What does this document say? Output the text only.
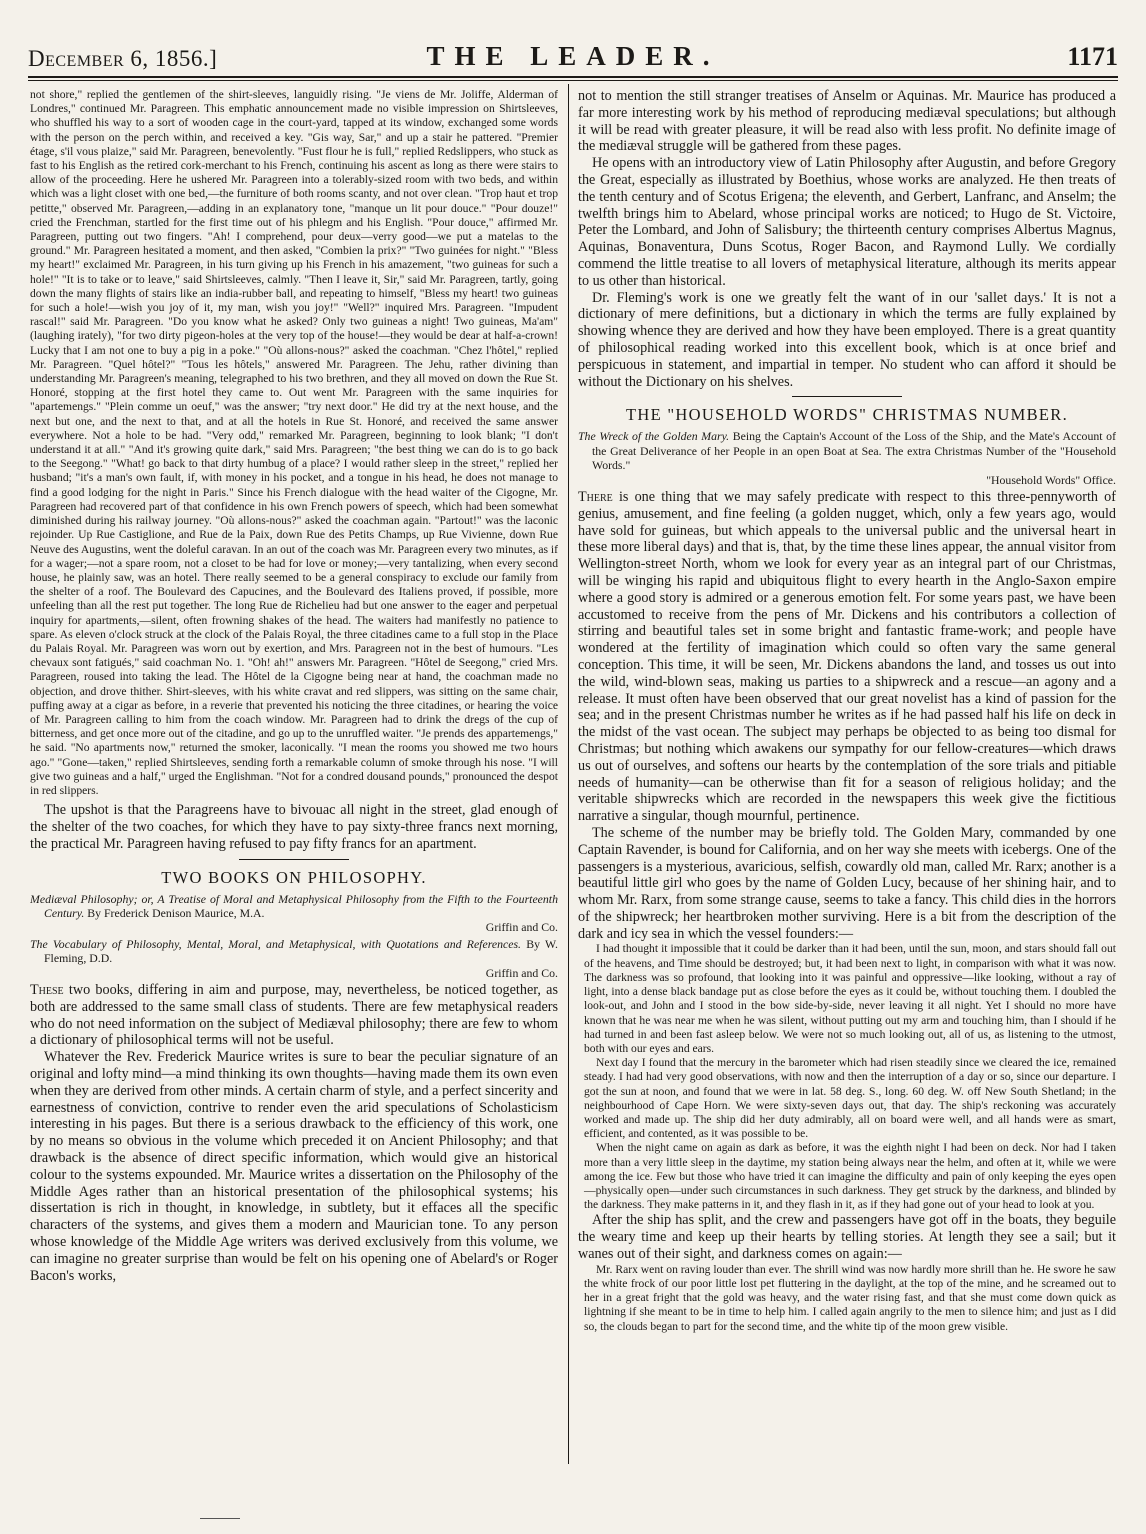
December 6, 1856.]	THE LEADER.	1171

not shore," replied the gentlemen of the shirt-sleeves, languidly rising. "Je viens de Mr. Joliffe, Alderman of Londres," continued Mr. Paragreen. This emphatic announcement made no visible impression on Shirtsleeves, who shuffled his way to a sort of wooden cage in the court-yard, tapped at its window, exchanged some words with the person on the perch within, and received a key. "Gis way, Sar," and up a stair he pattered. "Premier étage, s'il vous plaize," said Mr. Paragreen, benevolently. "Fust flour he is full," replied Redslippers, who stuck as fast to his English as the retired cork-merchant to his French, continuing his ascent as long as there were stairs to allow of the proceeding. Here he ushered Mr. Paragreen into a tolerably-sized room with two beds, and within which was a light closet with one bed,—the furniture of both rooms scanty, and not over clean. "Trop haut et trop petitte," observed Mr. Paragreen,—adding in an explanatory tone, "manque un lit pour douce." "Pour douze!" cried the Frenchman, startled for the first time out of his phlegm and his English. "Pour douce," affirmed Mr. Paragreen, putting out two fingers. "Ah! I comprehend, pour deux—verry good—we put a matelas to the ground." Mr. Paragreen hesitated a moment, and then asked, "Combien la prix?" "Two guinées for night." "Bless my heart!" exclaimed Mr. Paragreen, in his turn giving up his French in his amazement, "two guineas for such a hole!" "It is to take or to leave," said Shirtsleeves, calmly. "Then I leave it, Sir," said Mr. Paragreen, tartly, going down the many flights of stairs like an india-rubber ball, and repeating to himself, "Bless my heart! two guineas for such a hole!—wish you joy of it, my man, wish you joy!" "Well?" inquired Mrs. Paragreen. "Impudent rascal!" said Mr. Paragreen. "Do you know what he asked? Only two guineas a night! Two guineas, Ma'am" (laughing irately), "for two dirty pigeon-holes at the very top of the house!—they would be dear at half-a-crown! Lucky that I am not one to buy a pig in a poke." "Où allons-nous?" asked the coachman. "Chez l'hôtel," replied Mr. Paragreen. "Quel hôtel?" "Tous les hôtels," answered Mr. Paragreen. The Jehu, rather divining than understanding Mr. Paragreen's meaning, telegraphed to his two brethren, and they all moved on down the Rue St. Honoré, stopping at the first hotel they came to. Out went Mr. Paragreen with the same inquiries for "apartemengs." "Plein comme un oeuf," was the answer; "try next door." He did try at the next house, and the next but one, and the next to that, and at all the hotels in Rue St. Honoré, and received the same answer everywhere. Not a hole to be had. "Very odd," remarked Mr. Paragreen, beginning to look blank; "I don't understand it at all." "And it's growing quite dark," said Mrs. Paragreen; "the best thing we can do is to go back to the Seegong." "What! go back to that dirty humbug of a place? I would rather sleep in the street," replied her husband; "it's a man's own fault, if, with money in his pocket, and a tongue in his head, he does not manage to find a good lodging for the night in Paris." Since his French dialogue with the head waiter of the Cigogne, Mr. Paragreen had recovered part of that confidence in his own French powers of speech, which had been somewhat diminished during his railway journey. "Où allons-nous?" asked the coachman again. "Partout!" was the laconic rejoinder. Up Rue Castiglione, and Rue de la Paix, down Rue des Petits Champs, up Rue Vivienne, down Rue Neuve des Augustins, went the doleful caravan. In an out of the coach was Mr. Paragreen every two minutes, as if for a wager;—not a spare room, not a closet to be had for love or money;—very tantalizing, when every second house, he plainly saw, was an hotel. There really seemed to be a general conspiracy to exclude our family from the shelter of a roof. The Boulevard des Capucines, and the Boulevard des Italiens proved, if possible, more unfeeling than all the rest put together. The long Rue de Richelieu had but one answer to the eager and perpetual inquiry for apartments,—silent, often frowning shakes of the head. The waiters had manifestly no patience to spare. As eleven o'clock struck at the clock of the Palais Royal, the three citadines came to a full stop in the Place du Palais Royal. Mr. Paragreen was worn out by exertion, and Mrs. Paragreen not in the best of humours. "Les chevaux sont fatigués," said coachman No. 1. "Oh! ah!" answers Mr. Paragreen. "Hôtel de Seegong," cried Mrs. Paragreen, roused into taking the lead. The Hôtel de la Cigogne being near at hand, the coachman made no objection, and drove thither. Shirt-sleeves, with his white cravat and red slippers, was sitting on the same chair, puffing away at a cigar as before, in a reverie that prevented his noticing the three citadines, or hearing the voice of Mr. Paragreen calling to him from the coach window. Mr. Paragreen had to drink the dregs of the cup of bitterness, and get once more out of the citadine, and go up to the unruffled waiter. "Je prends des appartemengs," he said. "No apartments now," returned the smoker, laconically. "I mean the rooms you showed me two hours ago." "Gone—taken," replied Shirtsleeves, sending forth a remarkable column of smoke through his nose. "I will give two guineas and a half," urged the Englishman. "Not for a condred dousand pounds," pronounced the despot in red slippers.

The upshot is that the Paragreens have to bivouac all night in the street, glad enough of the shelter of the two coaches, for which they have to pay sixty-three francs next morning, the practical Mr. Paragreen having refused to pay fifty francs for an apartment.

TWO BOOKS ON PHILOSOPHY.

Mediæval Philosophy; or, A Treatise of Moral and Metaphysical Philosophy from the Fifth to the Fourteenth Century. By Frederick Denison Maurice, M.A.

Griffin and Co.

The Vocabulary of Philosophy, Mental, Moral, and Metaphysical, with Quotations and References. By W. Fleming, D.D.

Griffin and Co.

These two books, differing in aim and purpose, may, nevertheless, be noticed together, as both are addressed to the same small class of students. There are few metaphysical readers who do not need information on the subject of Mediæval philosophy; there are few to whom a dictionary of philosophical terms will not be useful.

Whatever the Rev. Frederick Maurice writes is sure to bear the peculiar signature of an original and lofty mind—a mind thinking its own thoughts—having made them its own even when they are derived from other minds. A certain charm of style, and a perfect sincerity and earnestness of conviction, contrive to render even the arid speculations of Scholasticism interesting in his pages. But there is a serious drawback to the efficiency of this work, one by no means so obvious in the volume which preceded it on Ancient Philosophy; and that drawback is the absence of direct specific information, which would give an historical colour to the systems expounded. Mr. Maurice writes a dissertation on the Philosophy of the Middle Ages rather than an historical presentation of the philosophical systems; his dissertation is rich in thought, in knowledge, in subtlety, but it effaces all the specific characters of the systems, and gives them a modern and Maurician tone. To any person whose knowledge of the Middle Age writers was derived exclusively from this volume, we can imagine no greater surprise than would be felt on his opening one of Abelard's or Roger Bacon's works,

not to mention the still stranger treatises of Anselm or Aquinas. Mr. Maurice has produced a far more interesting work by his method of reproducing mediæval speculations; but although it will be read with greater pleasure, it will be read also with less profit. No definite image of the mediæval struggle will be gathered from these pages.

He opens with an introductory view of Latin Philosophy after Augustin, and before Gregory the Great, especially as illustrated by Boethius, whose works are analyzed. He then treats of the tenth century and of Scotus Erigena; the eleventh, and Gerbert, Lanfranc, and Anselm; the twelfth brings him to Abelard, whose principal works are noticed; to Hugo de St. Victoire, Peter the Lombard, and John of Salisbury; the thirteenth century comprises Albertus Magnus, Aquinas, Bonaventura, Duns Scotus, Roger Bacon, and Raymond Lully. We cordially commend the little treatise to all lovers of metaphysical literature, although its merits appear to us other than historical.

Dr. Fleming's work is one we greatly felt the want of in our 'sallet days.' It is not a dictionary of mere definitions, but a dictionary in which the terms are fully explained by showing whence they are derived and how they have been employed. There is a great quantity of philosophical reading worked into this excellent book, which is at once brief and perspicuous in statement, and impartial in temper. No student who can afford it should be without the Dictionary on his shelves.

THE "HOUSEHOLD WORDS" CHRISTMAS NUMBER.

The Wreck of the Golden Mary. Being the Captain's Account of the Loss of the Ship, and the Mate's Account of the Great Deliverance of her People in an open Boat at Sea. The extra Christmas Number of the "Household Words."

"Household Words" Office.

There is one thing that we may safely predicate with respect to this three-pennyworth of genius, amusement, and fine feeling (a golden nugget, which, only a few years ago, would have sold for guineas, but which appeals to the universal public and the universal heart in these more liberal days) and that is, that, by the time these lines appear, the annual visitor from Wellington-street North, whom we look for every year as an integral part of our Christmas, will be winging his rapid and ubiquitous flight to every hearth in the Anglo-Saxon empire where a good story is admired or a generous emotion felt. For some years past, we have been accustomed to receive from the pens of Mr. Dickens and his contributors a collection of stirring and beautiful tales set in some bright and fantastic frame-work; and people have wondered at the fertility of imagination which could so often vary the same general conception. This time, it will be seen, Mr. Dickens abandons the land, and tosses us out into the wild, wind-blown seas, making us parties to a shipwreck and a rescue—an agony and a release. It must often have been observed that our great novelist has a kind of passion for the sea; and in the present Christmas number he writes as if he had passed half his life on deck in the midst of the vast ocean. The subject may perhaps be objected to as being too dismal for Christmas; but nothing which awakens our sympathy for our fellow-creatures—which draws us out of ourselves, and softens our hearts by the contemplation of the sore trials and pitiable needs of humanity—can be otherwise than fit for a season of religious holiday; and the veritable shipwrecks which are recorded in the newspapers this week give the fictitious narrative a singular, though mournful, pertinence.

The scheme of the number may be briefly told. The Golden Mary, commanded by one Captain Ravender, is bound for California, and on her way she meets with icebergs. One of the passengers is a mysterious, avaricious, selfish, cowardly old man, called Mr. Rarx; another is a beautiful little girl who goes by the name of Golden Lucy, because of her shining hair, and to whom Mr. Rarx, from some strange cause, seems to take a fancy. This child dies in the horrors of the shipwreck; her heartbroken mother surviving. Here is a bit from the description of the dark and icy sea in which the vessel founders:—

I had thought it impossible that it could be darker than it had been, until the sun, moon, and stars should fall out of the heavens, and Time should be destroyed; but, it had been next to light, in comparison with what it was now. The darkness was so profound, that looking into it was painful and oppressive—like looking, without a ray of light, into a dense black bandage put as close before the eyes as it could be, without touching them. I doubled the look-out, and John and I stood in the bow side-by-side, never leaving it all night. Yet I should no more have known that he was near me when he was silent, without putting out my arm and touching him, than I should if he had turned in and been fast asleep below. We were not so much looking out, all of us, as listening to the utmost, both with our eyes and ears.

Next day I found that the mercury in the barometer which had risen steadily since we cleared the ice, remained steady. I had had very good observations, with now and then the interruption of a day or so, since our departure. I got the sun at noon, and found that we were in lat. 58 deg. S., long. 60 deg. W. off New South Shetland; in the neighbourhood of Cape Horn. We were sixty-seven days out, that day. The ship's reckoning was accurately worked and made up. The ship did her duty admirably, all on board were well, and all hands were as smart, efficient, and contented, as it was possible to be.

When the night came on again as dark as before, it was the eighth night I had been on deck. Nor had I taken more than a very little sleep in the daytime, my station being always near the helm, and often at it, while we were among the ice. Few but those who have tried it can imagine the difficulty and pain of only keeping the eyes open—physically open—under such circumstances in such darkness. They get struck by the darkness, and blinded by the darkness. They make patterns in it, and they flash in it, as if they had gone out of your head to look at you.

After the ship has split, and the crew and passengers have got off in the boats, they beguile the weary time and keep up their hearts by telling stories. At length they see a sail; but it wanes out of their sight, and darkness comes on again:—

Mr. Rarx went on raving louder than ever. The shrill wind was now hardly more shrill than he. He swore he saw the white frock of our poor little lost pet fluttering in the daylight, at the top of the mine, and he screamed out to her in a great fright that the gold was heavy, and the water rising fast, and that she must come down quick as lightning if she meant to be in time to help him. I called again angrily to the men to silence him; and just as I did so, the clouds began to part for the second time, and the white tip of the moon grew visible.
